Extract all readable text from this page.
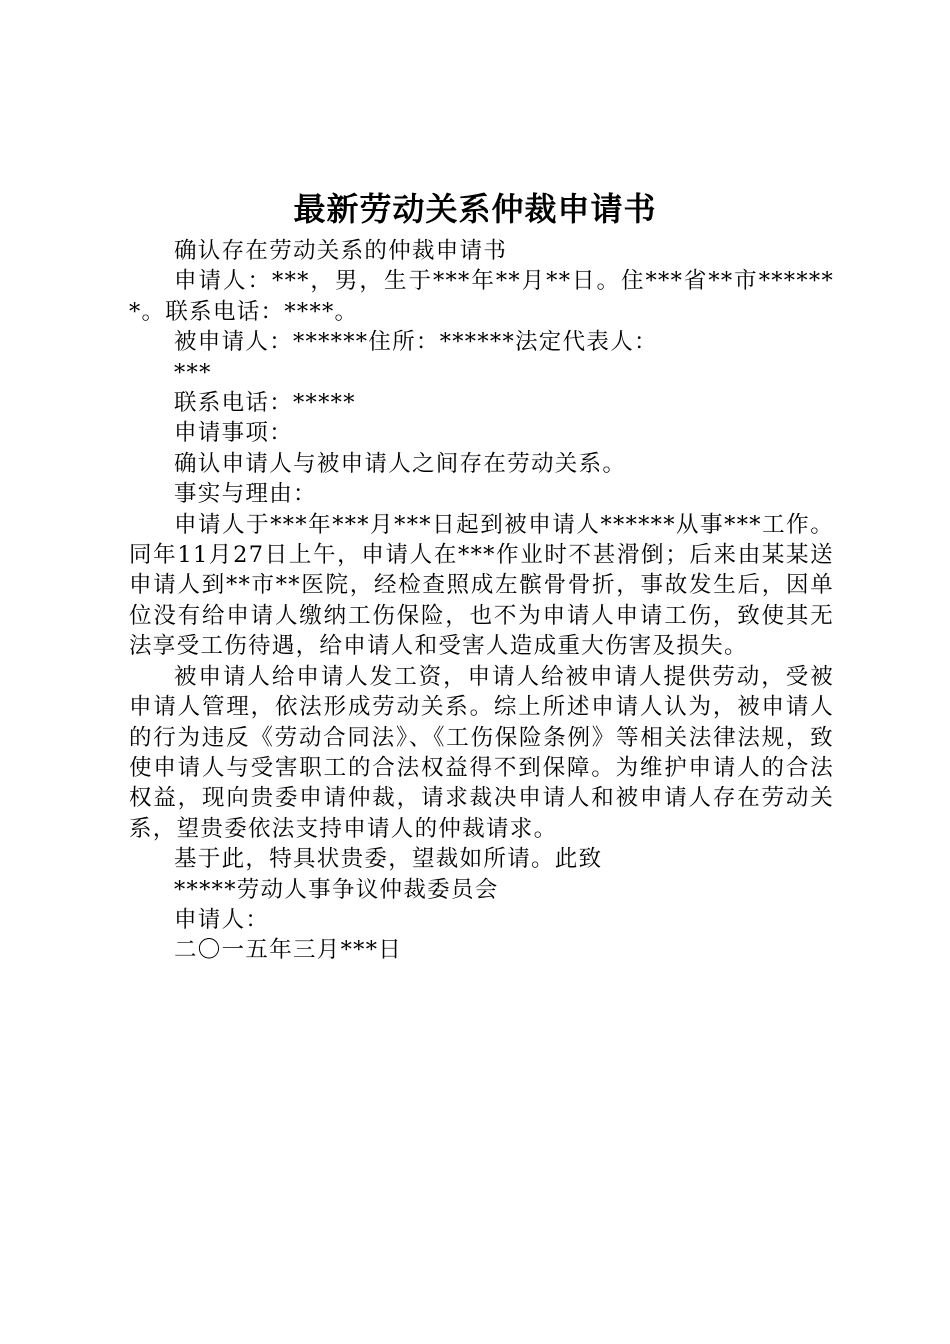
最新劳动关系仲裁申请书

确认存在劳动关系的仲裁申请书

申请人：***，男，生于***年**月**日。住***省**市*******。联系电话：****。

被申请人：******住所：******法定代表人：

***

联系电话：*****

申请事项：

确认申请人与被申请人之间存在劳动关系。

事实与理由：

申请人于***年***月***日起到被申请人******从事***工作。同年11月27日上午，申请人在***作业时不甚滑倒；后来由某某送申请人到**市**医院，经检查照成左髌骨骨折，事故发生后，因单位没有给申请人缴纳工伤保险，也不为申请人申请工伤，致使其无法享受工伤待遇，给申请人和受害人造成重大伤害及损失。

被申请人给申请人发工资，申请人给被申请人提供劳动，受被申请人管理，依法形成劳动关系。综上所述申请人认为，被申请人的行为违反《劳动合同法》、《工伤保险条例》等相关法律法规，致使申请人与受害职工的合法权益得不到保障。为维护申请人的合法权益，现向贵委申请仲裁，请求裁决申请人和被申请人存在劳动关系，望贵委依法支持申请人的仲裁请求。

基于此，特具状贵委，望裁如所请。此致

*****劳动人事争议仲裁委员会

申请人：

二〇一五年三月***日
